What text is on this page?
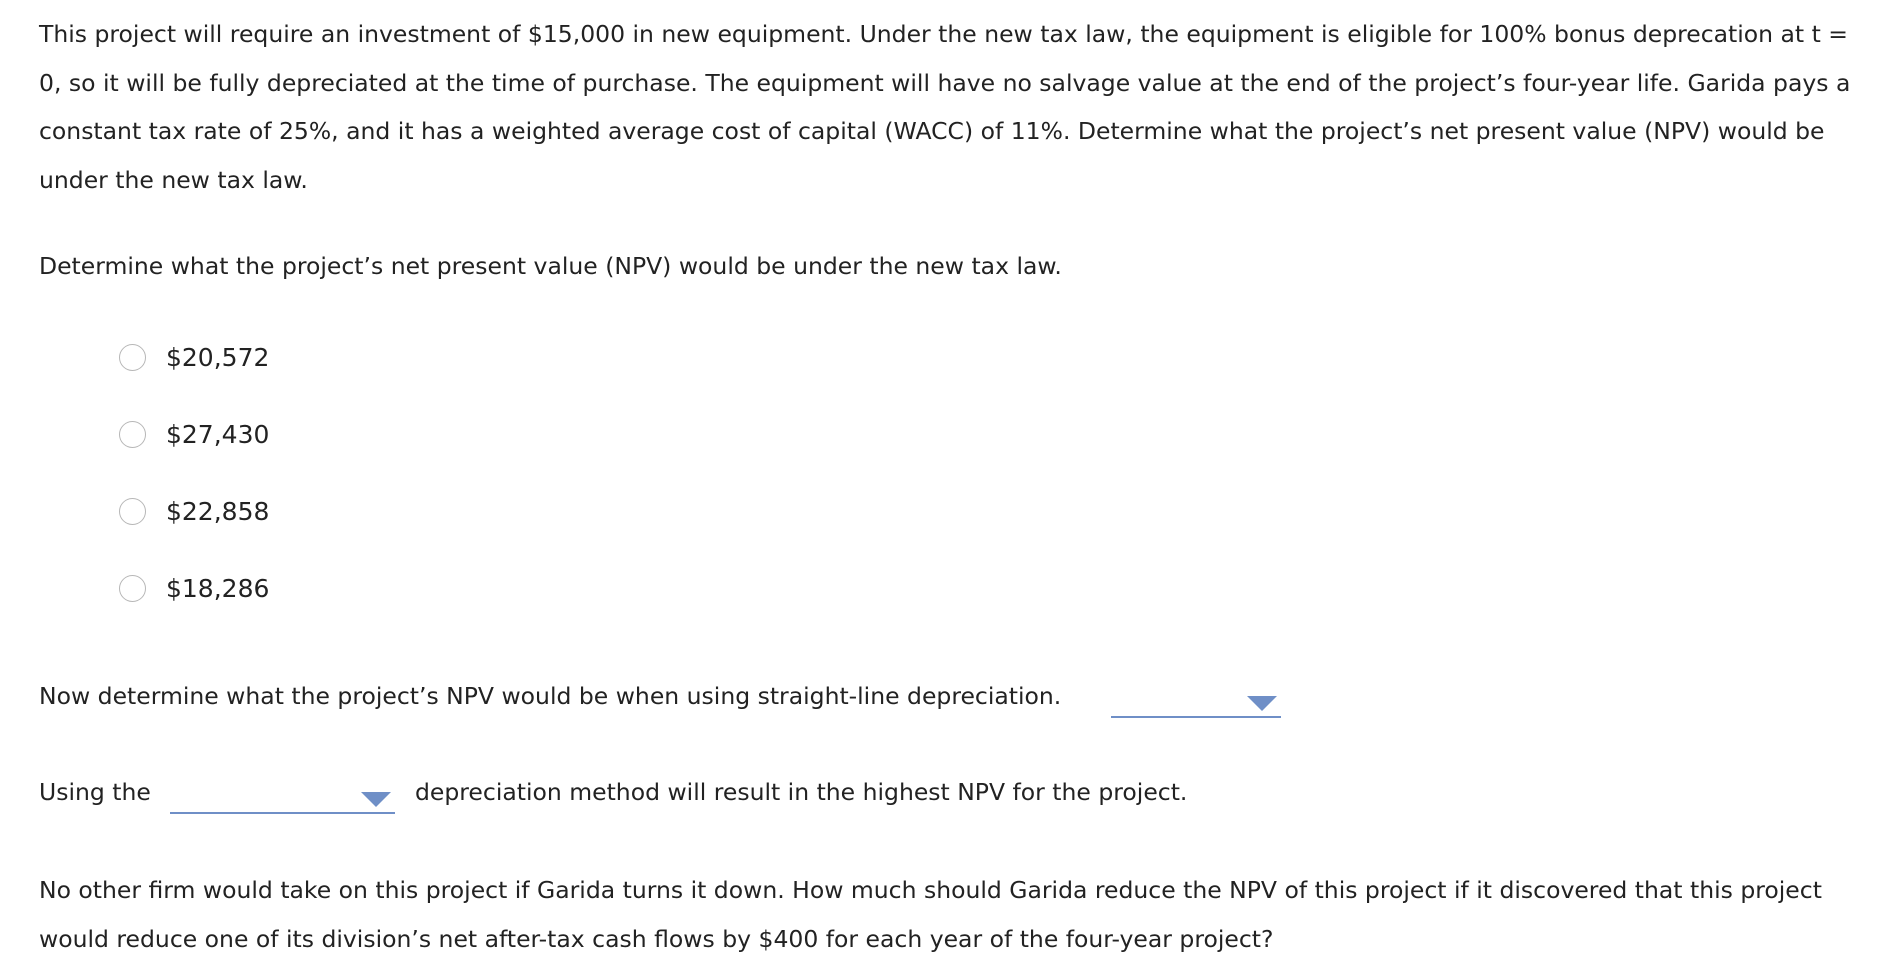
This project will require an investment of $15,000 in new equipment. Under the new tax law, the equipment is eligible for 100% bonus deprecation at t = 0, so it will be fully depreciated at the time of purchase. The equipment will have no salvage value at the end of the project’s four-year life. Garida pays a constant tax rate of 25%, and it has a weighted average cost of capital (WACC) of 11%. Determine what the project’s net present value (NPV) would be under the new tax law.

Determine what the project’s net present value (NPV) would be under the new tax law.

$20,572
$27,430
$22,858
$18,286

Now determine what the project’s NPV would be when using straight-line depreciation.

Using the	depreciation method will result in the highest NPV for the project.

No other firm would take on this project if Garida turns it down. How much should Garida reduce the NPV of this project if it discovered that this project would reduce one of its division’s net after-tax cash flows by $400 for each year of the four-year project?
